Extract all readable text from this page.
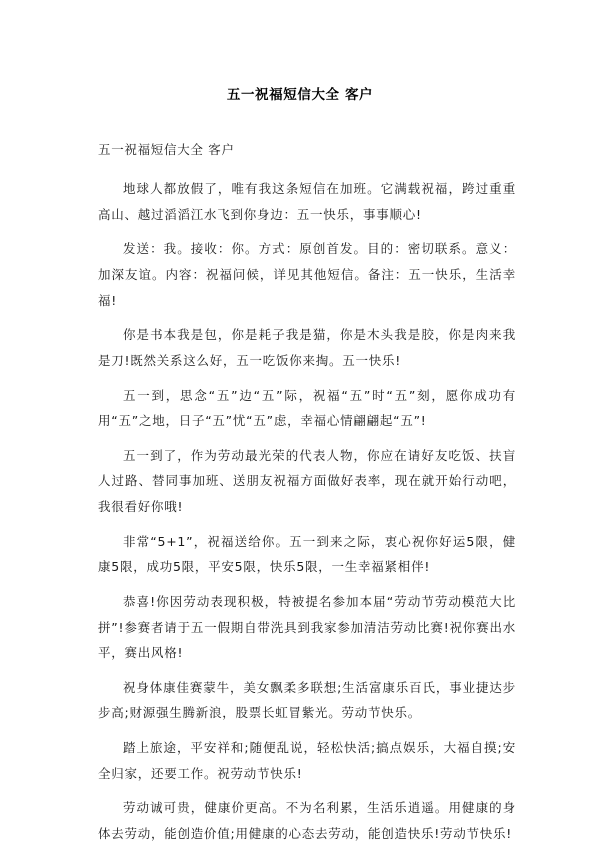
五一祝福短信大全 客户

五一祝福短信大全 客户

地球人都放假了，唯有我这条短信在加班。它满载祝福，跨过重重高山、越过滔滔江水飞到你身边：五一快乐，事事顺心!

发送：我。接收：你。方式：原创首发。目的：密切联系。意义：加深友谊。内容：祝福问候，详见其他短信。备注：五一快乐，生活幸福!

你是书本我是包，你是耗子我是猫，你是木头我是胶，你是肉来我是刀!既然关系这么好，五一吃饭你来掏。五一快乐!

五一到，思念“五”边“五”际，祝福“五”时“五”刻，愿你成功有用“五”之地，日子“五”忧“五”虑，幸福心情翩翩起“五”!

五一到了，作为劳动最光荣的代表人物，你应在请好友吃饭、扶盲人过路、替同事加班、送朋友祝福方面做好表率，现在就开始行动吧，我很看好你哦!

非常“5+1”，祝福送给你。五一到来之际，衷心祝你好运5限，健康5限，成功5限，平安5限，快乐5限，一生幸福紧相伴!

恭喜!你因劳动表现积极，特被提名参加本届“劳动节劳动模范大比拼”!参赛者请于五一假期自带洗具到我家参加清洁劳动比赛!祝你赛出水平，赛出风格!

祝身体康佳赛蒙牛，美女飘柔多联想;生活富康乐百氏，事业捷达步步高;财源强生腾新浪，股票长虹冒紫光。劳动节快乐。

踏上旅途，平安祥和;随便乱说，轻松快活;搞点娱乐，大福自摸;安全归家，还要工作。祝劳动节快乐!

劳动诚可贵，健康价更高。不为名利累，生活乐逍遥。用健康的身体去劳动，能创造价值;用健康的心态去劳动，能创造快乐!劳动节快乐!
